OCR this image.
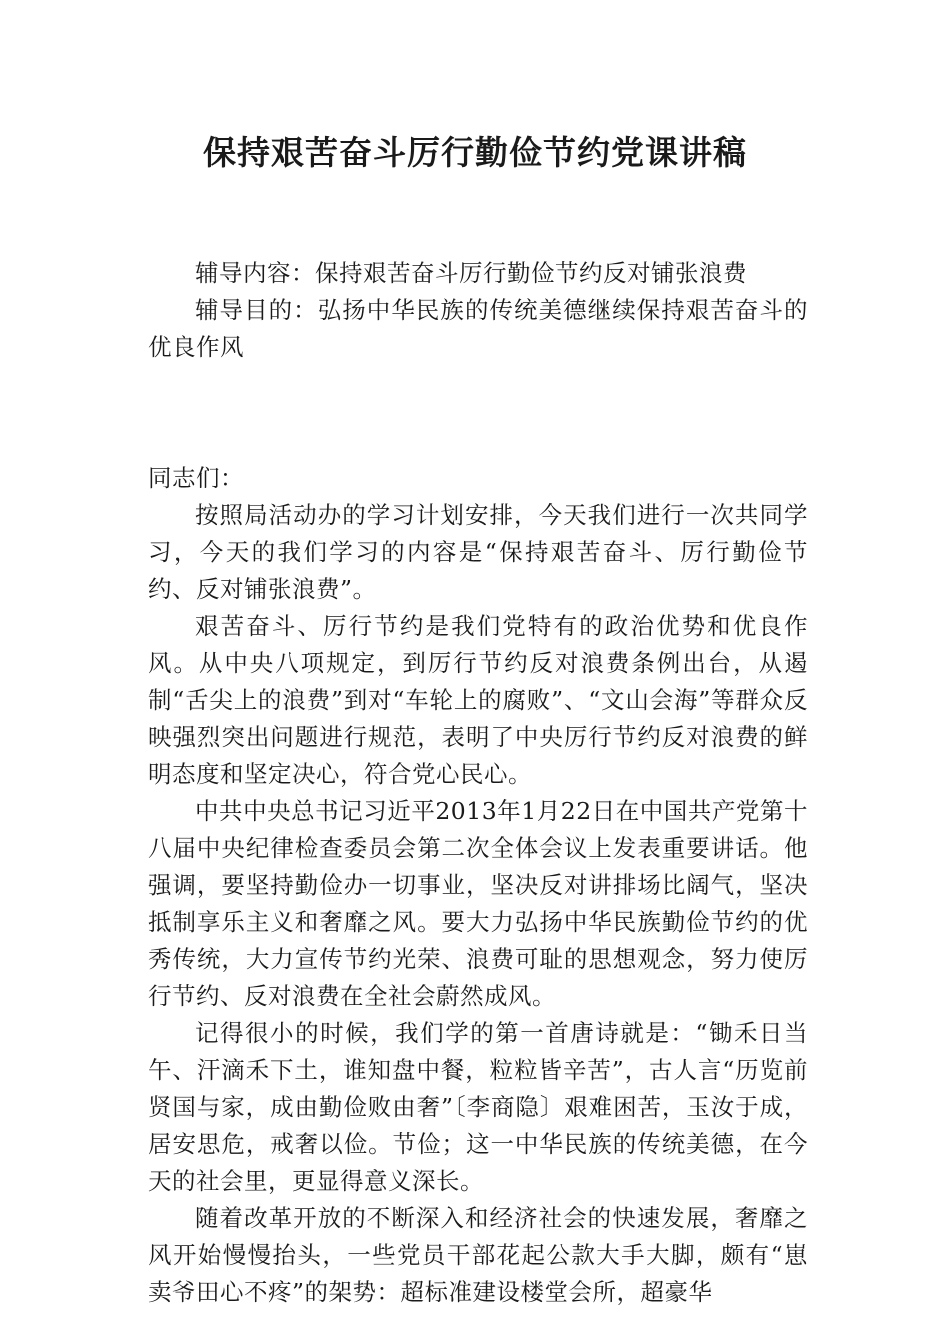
保持艰苦奋斗厉行勤俭节约党课讲稿

辅导内容：保持艰苦奋斗厉行勤俭节约反对铺张浪费

辅导目的：弘扬中华民族的传统美德继续保持艰苦奋斗的优良作风

同志们：

按照局活动办的学习计划安排，今天我们进行一次共同学习，今天的我们学习的内容是“保持艰苦奋斗、厉行勤俭节约、反对铺张浪费”。

艰苦奋斗、厉行节约是我们党特有的政治优势和优良作风。从中央八项规定，到厉行节约反对浪费条例出台，从遏制“舌尖上的浪费”到对“车轮上的腐败”、“文山会海”等群众反映强烈突出问题进行规范，表明了中央厉行节约反对浪费的鲜明态度和坚定决心，符合党心民心。

中共中央总书记习近平2013年1月22日在中国共产党第十八届中央纪律检查委员会第二次全体会议上发表重要讲话。他强调，要坚持勤俭办一切事业，坚决反对讲排场比阔气，坚决抵制享乐主义和奢靡之风。要大力弘扬中华民族勤俭节约的优秀传统，大力宣传节约光荣、浪费可耻的思想观念，努力使厉行节约、反对浪费在全社会蔚然成风。

记得很小的时候，我们学的第一首唐诗就是：“锄禾日当午、汗滴禾下土，谁知盘中餐，粒粒皆辛苦”，古人言“历览前贤国与家，成由勤俭败由奢”〔李商隐〕艰难困苦，玉汝于成，居安思危，戒奢以俭。节俭；这一中华民族的传统美德，在今天的社会里，更显得意义深长。

随着改革开放的不断深入和经济社会的快速发展，奢靡之风开始慢慢抬头，一些党员干部花起公款大手大脚，颇有“崽卖爷田心不疼”的架势：超标准建设楼堂会所，超豪华
